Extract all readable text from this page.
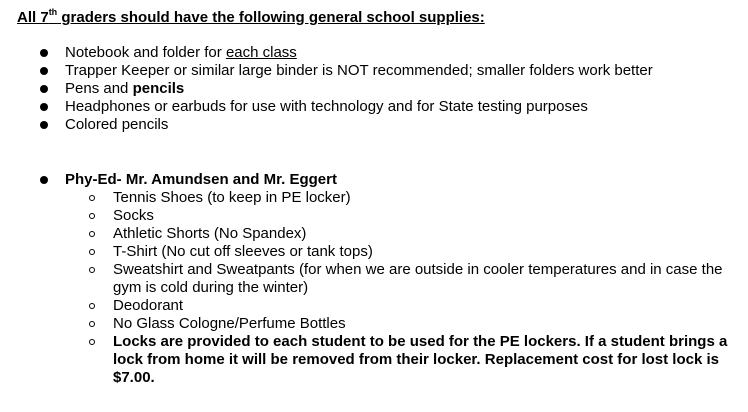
All 7th graders should have the following general school supplies:
Notebook and folder for each class
Trapper Keeper or similar large binder is NOT recommended; smaller folders work better
Pens and pencils
Headphones or earbuds for use with technology and for State testing purposes
Colored pencils
Phy-Ed- Mr. Amundsen and Mr. Eggert
Tennis Shoes (to keep in PE locker)
Socks
Athletic Shorts (No Spandex)
T-Shirt (No cut off sleeves or tank tops)
Sweatshirt and Sweatpants (for when we are outside in cooler temperatures and in case the
gym is cold during the winter)
Deodorant
No Glass Cologne/Perfume Bottles
Locks are provided to each student to be used for the PE lockers. If a student brings a
lock from home it will be removed from their locker. Replacement cost for lost lock is
$7.00.
